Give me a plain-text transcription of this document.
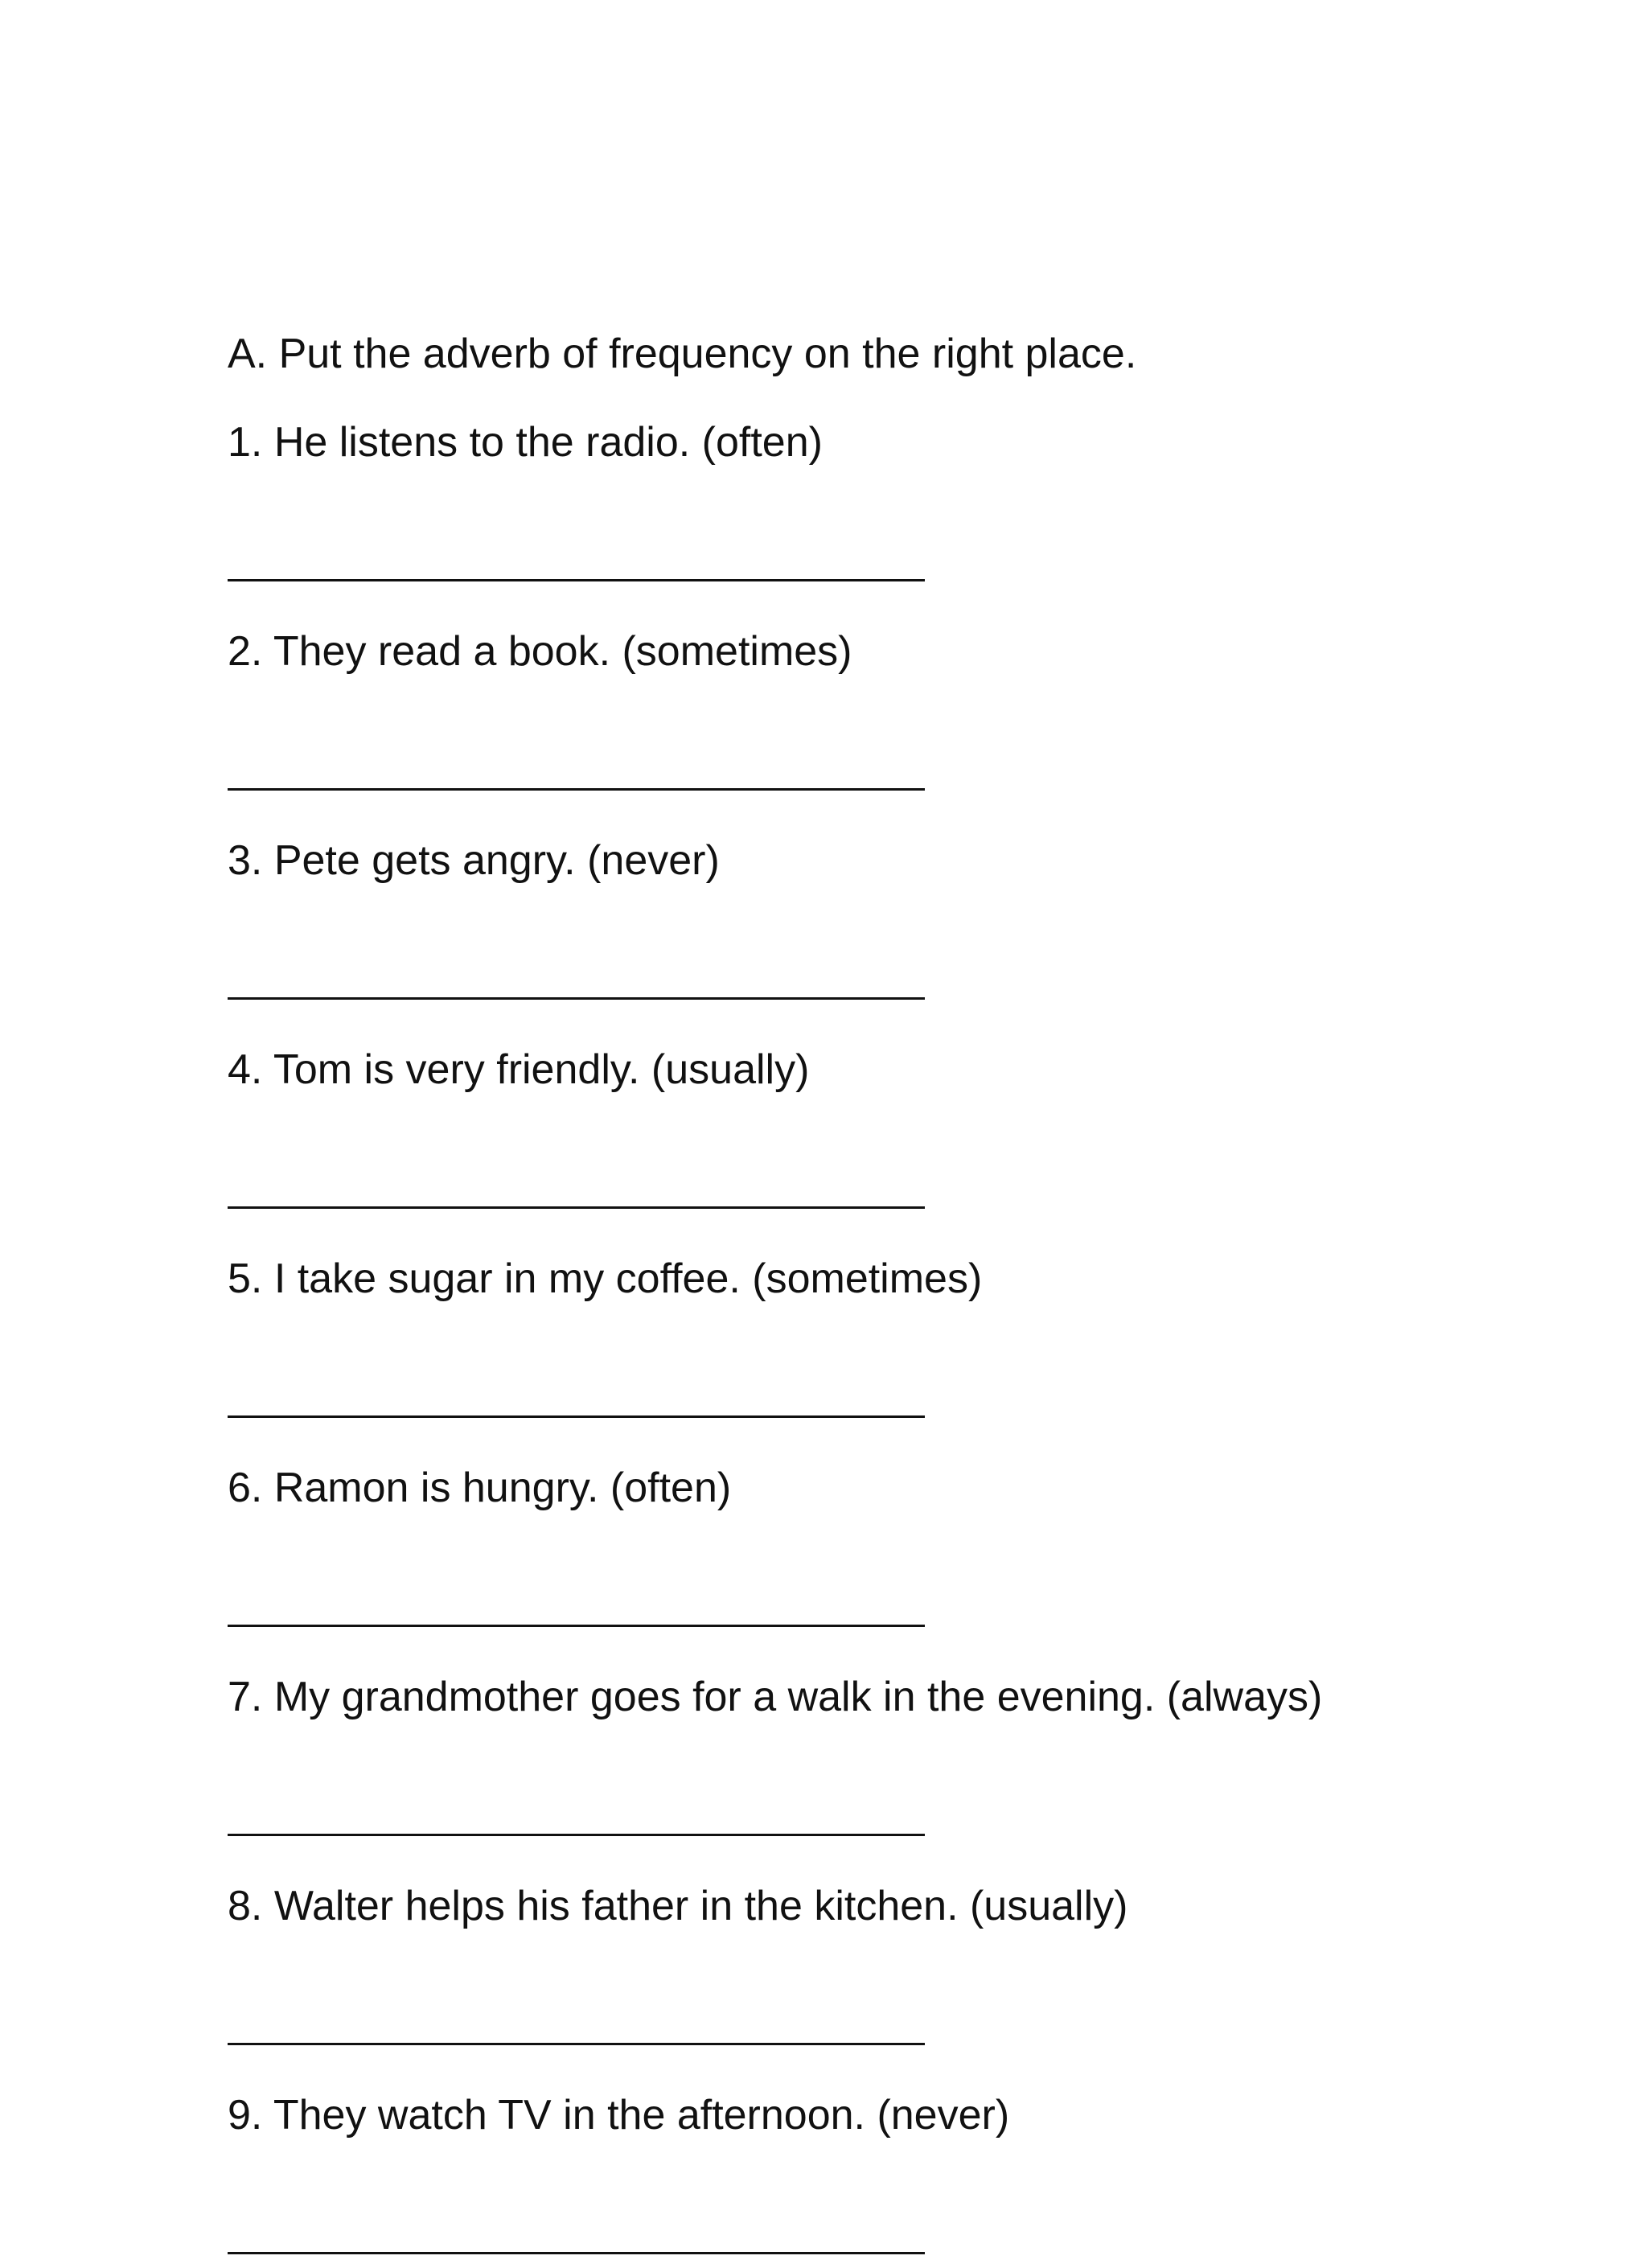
A. Put the adverb of frequency on the right place.
1. He listens to the radio. (often)
2. They read a book. (sometimes)
3. Pete gets angry. (never)
4. Tom is very friendly. (usually)
5. I take sugar in my coffee. (sometimes)
6. Ramon is hungry. (often)
7. My grandmother goes for a walk in the evening. (always)
8. Walter helps his father in the kitchen. (usually)
9. They watch TV in the afternoon. (never)
